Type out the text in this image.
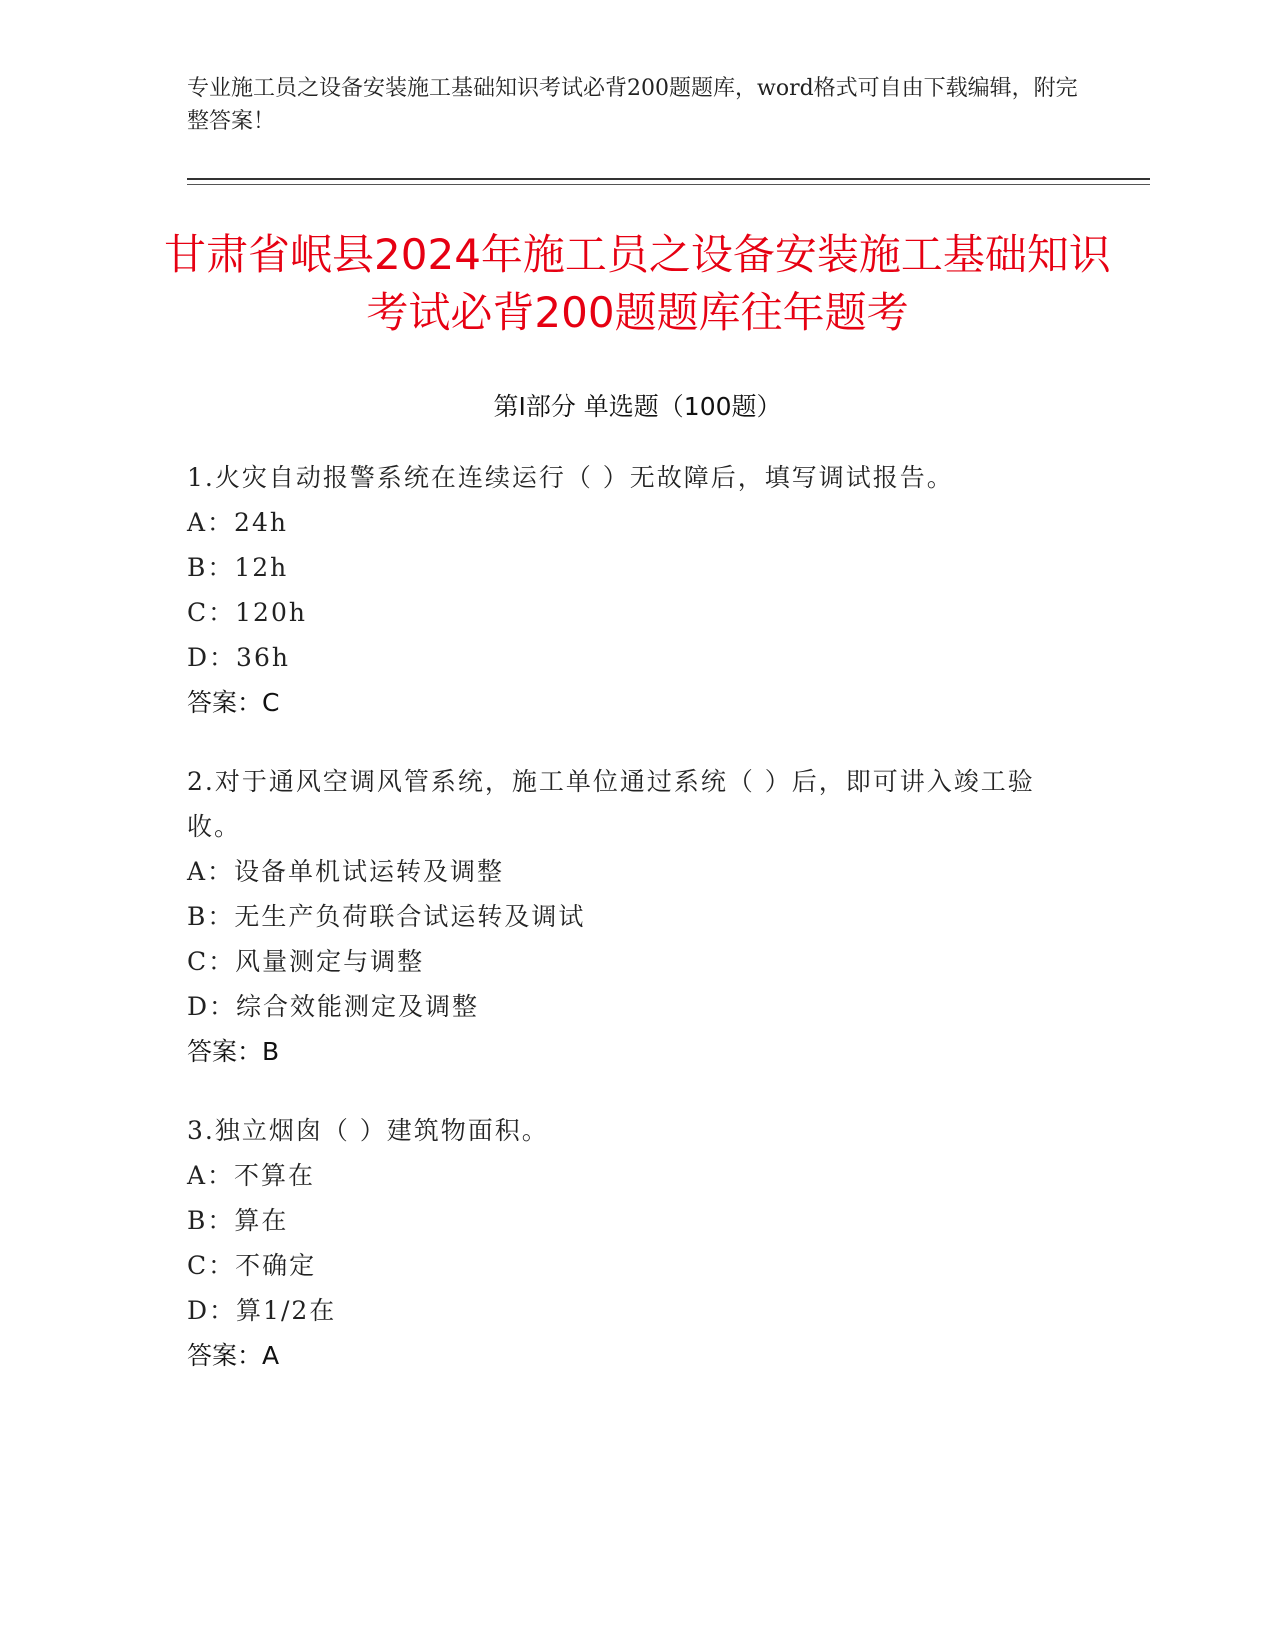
专业施工员之设备安装施工基础知识考试必背200题题库，word格式可自由下载编辑，附完整答案！
甘肃省岷县2024年施工员之设备安装施工基础知识考试必背200题题库往年题考
第Ⅰ部分 单选题（100题）
1.火灾自动报警系统在连续运行（ ）无故障后，填写调试报告。
A：24h
B：12h
C：120h
D：36h
答案：C
2.对于通风空调风管系统，施工单位通过系统（ ）后，即可讲入竣工验收。
A：设备单机试运转及调整
B：无生产负荷联合试运转及调试
C：风量测定与调整
D：综合效能测定及调整
答案：B
3.独立烟囱（ ）建筑物面积。
A：不算在
B：算在
C：不确定
D：算1/2在
答案：A
